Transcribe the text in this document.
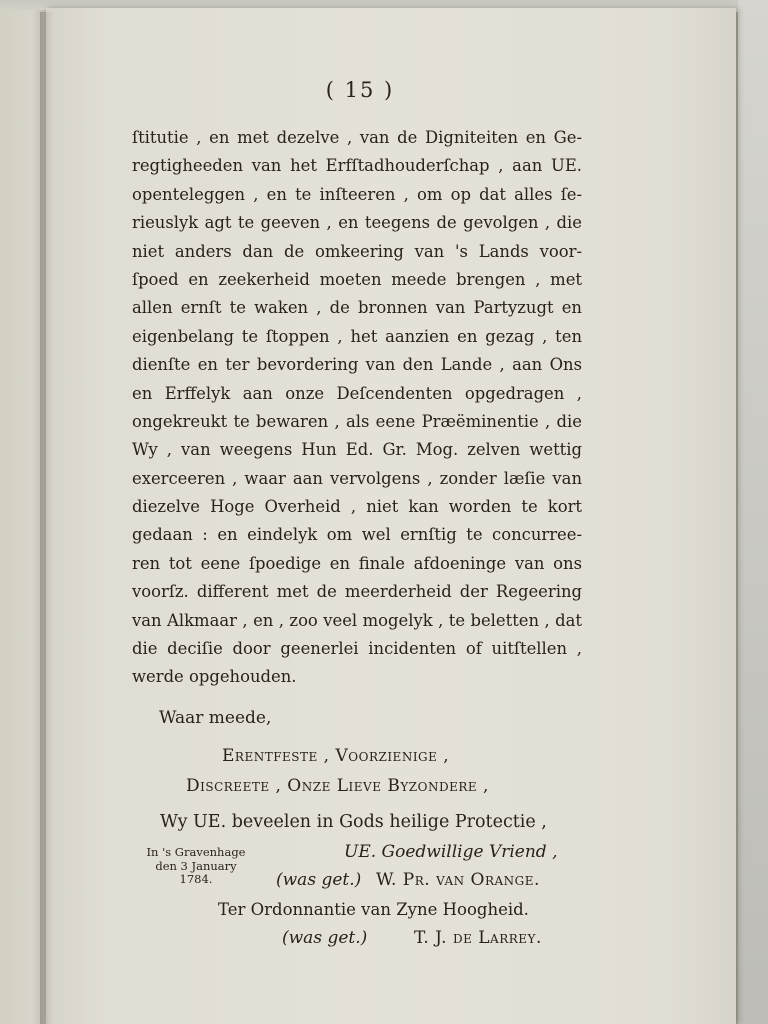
( 15 )
ſtitutie , en met dezelve , van de Digniteiten en Ge-
regtigheeden van het Erfſtadhouderſchap , aan UE.
openteleggen , en te inſteeren , om op dat alles ſe-
rieuslyk agt te geeven , en teegens de gevolgen , die
niet anders dan de omkeering van 's Lands voor-
ſpoed en zeekerheid moeten meede brengen , met
allen ernſt te waken , de bronnen van Partyzugt en
eigenbelang te ſtoppen , het aanzien en gezag , ten
dienſte en ter bevordering van den Lande , aan Ons
en Erffelyk aan onze Deſcendenten opgedragen ,
ongekreukt te bewaren , als eene Præëminentie , die
Wy , van weegens Hun Ed. Gr. Mog. zelven wettig
exerceeren , waar aan vervolgens , zonder læſie van
diezelve Hoge Overheid , niet kan worden te kort
gedaan : en eindelyk om wel ernſtig te concurree-
ren tot eene ſpoedige en finale afdoeninge van ons
voorſz. different met de meerderheid der Regeering
van Alkmaar , en , zoo veel mogelyk , te beletten , dat
die deciſie door geenerlei incidenten of uitſtellen ,
werde opgehouden.
Waar meede,
Erentfeste , Voorzienige ,
Discreete , Onze Lieve Byzondere ,
Wy UE. beveelen in Gods heilige Protectie ,
In 's Gravenhage
den 3 January
1784.
UE. Goedwillige Vriend ,
(was get.) W. Pr. van Orange.
Ter Ordonnantie van Zyne Hoogheid.
(was get.)	T. J. de Larrey.
